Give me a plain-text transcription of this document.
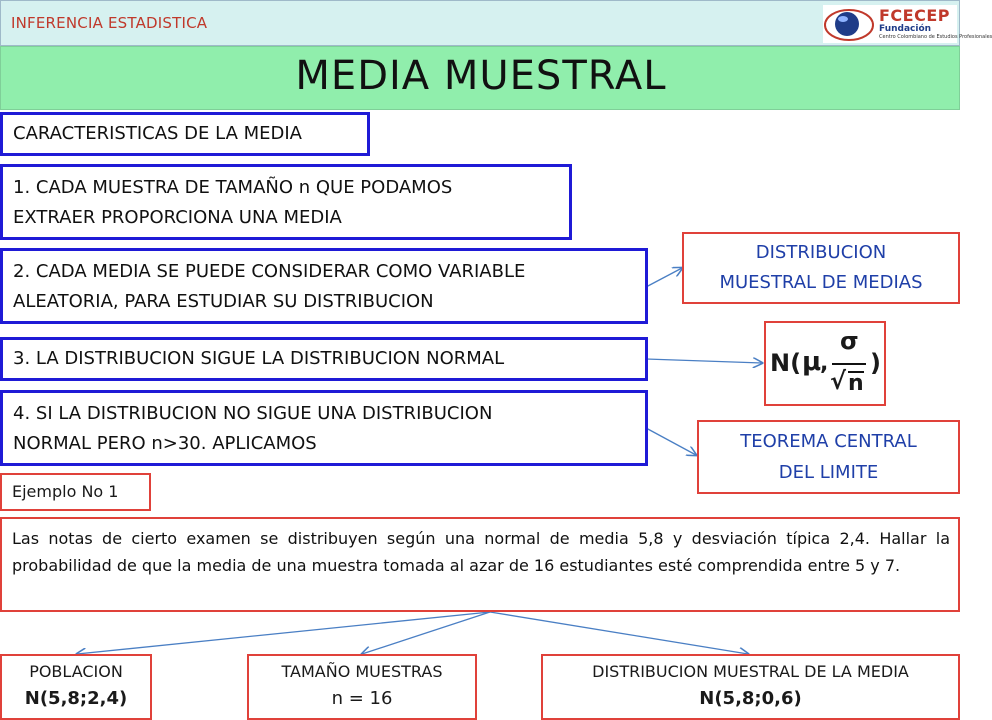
INFERENCIA ESTADISTICA	FCECEP
Fundación
Centro Colombiano de Estudios Profesionales
MEDIA MUESTRAL
CARACTERISTICAS DE LA MEDIA
1. CADA MUESTRA DE TAMAÑO n QUE PODAMOS
EXTRAER PROPORCIONA UNA MEDIA
2. CADA MEDIA SE PUEDE CONSIDERAR COMO VARIABLE
ALEATORIA, PARA ESTUDIAR SU DISTRIBUCION
3. LA DISTRIBUCION SIGUE LA DISTRIBUCION NORMAL
4. SI LA DISTRIBUCION NO SIGUE UNA DISTRIBUCION
NORMAL PERO n>30. APLICAMOS
DISTRIBUCION
MUESTRAL DE MEDIAS
N( μ
,
σ
√ n
)
TEOREMA CENTRAL
DEL LIMITE
Ejemplo No 1
Las notas de cierto examen se distribuyen según una normal de media 5,8 y desviación típica 2,4. Hallar la probabilidad de que la media de una muestra tomada al azar de 16 estudiantes esté comprendida entre 5 y 7.
POBLACION
N(5,8;2,4)
TAMAÑO MUESTRAS
n = 16
DISTRIBUCION MUESTRAL DE LA MEDIA
N(5,8;0,6)
